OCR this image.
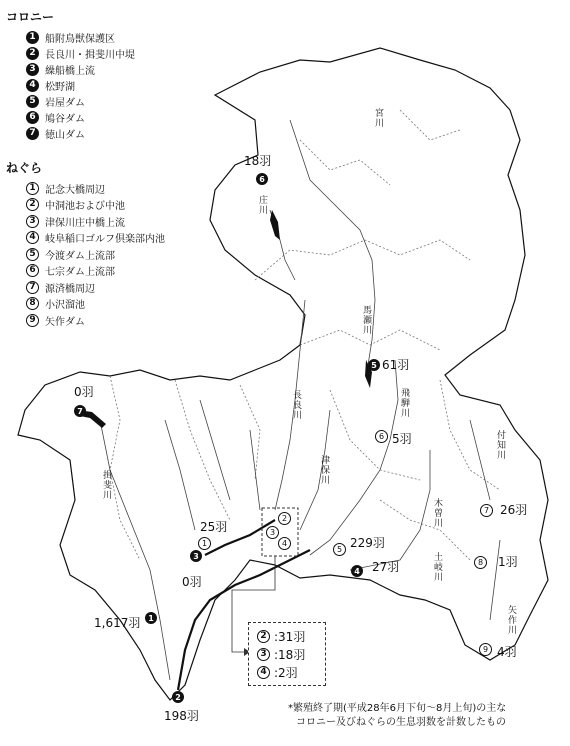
コロニー
1 船附鳥獣保護区
2 長良川・揖斐川中堤
3 繰船橋上流
4 松野湖
5 岩屋ダム
6 鳩谷ダム
7 徳山ダム
ねぐら
1 記念大橋周辺
2 中洞池および中池
3 津保川庄中橋上流
4 岐阜稲口ゴルフ倶楽部内池
5 今渡ダム上流部
6 七宗ダム上流部
7 源済橋周辺
8 小沢溜池
9 矢作ダム
宮川
庄川
馬瀬川
飛騨川
長良川
津保川
揖斐川
木曽川
土岐川
付知川
矢作川
6
5
7
3
4
1
2
6
1
2
3
4
5
7
8
9
18羽
61羽
0羽
5羽
25羽
0羽
1,617羽
198羽
229羽
27羽
26羽
1羽
4羽
2 :31羽
3 :18羽
4 :2羽
*繁殖終了期(平成28年6月下旬～8月上旬)の主な
コロニー及びねぐらの生息羽数を計数したもの
